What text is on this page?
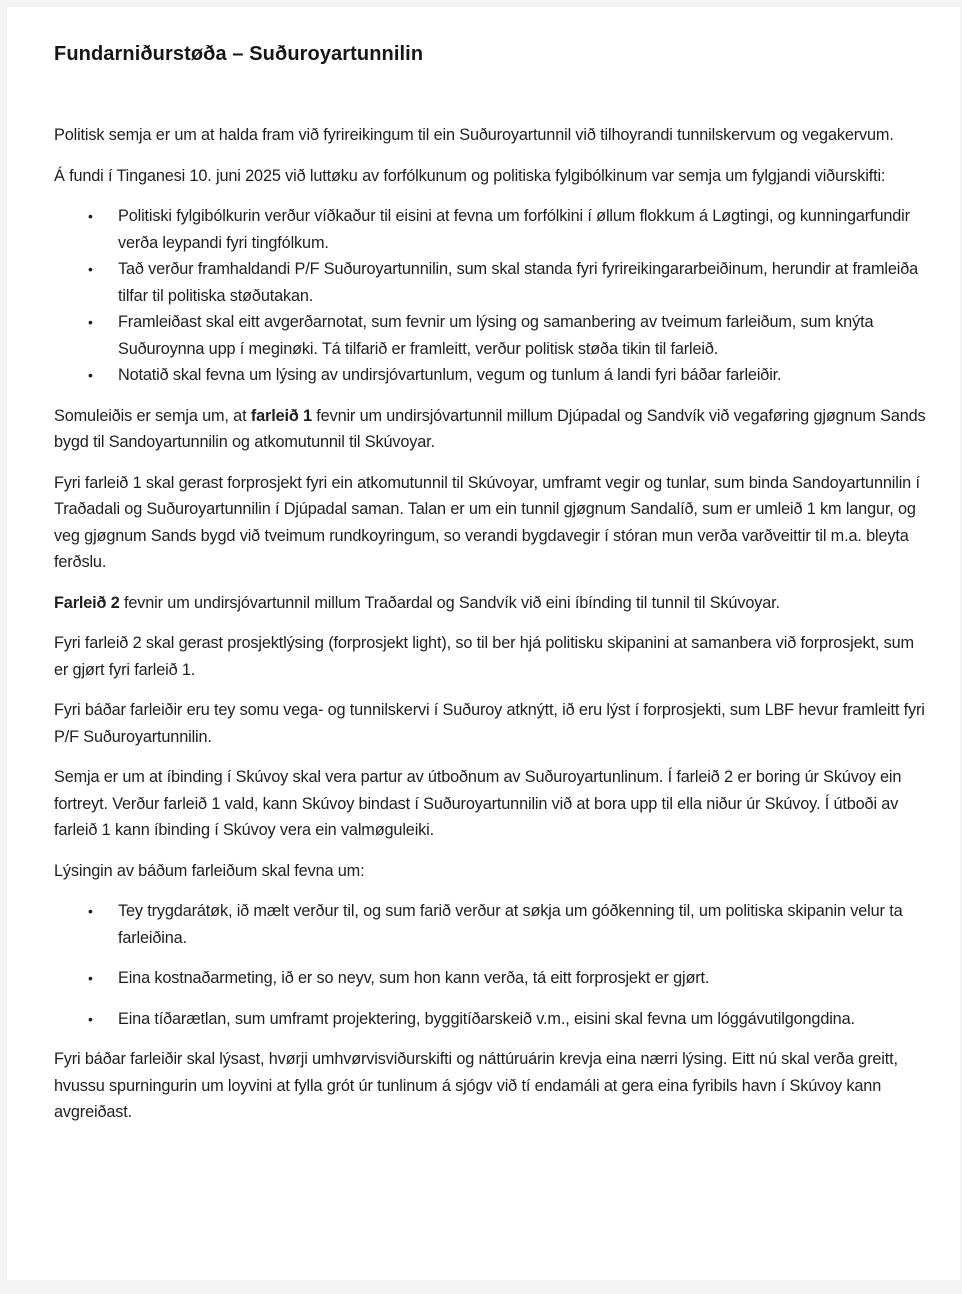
Fundarniðurstøða – Suðuroyartunnilin

Politisk semja er um at halda fram við fyrireikingum til ein Suðuroyartunnil við tilhoyrandi tunnilskervum og vegakervum.

Á fundi í Tinganesi 10. juni 2025 við luttøku av forfólkunum og politiska fylgibólkinum var semja um fylgjandi viðurskifti:

• Politiski fylgibólkurin verður víðkaður til eisini at fevna um forfólkini í øllum flokkum á Løgtingi, og kunningarfundir verða leypandi fyri tingfólkum.
• Tað verður framhaldandi P/F Suðuroyartunnilin, sum skal standa fyri fyrireikingararbeiðinum, herundir at framleiða tilfar til politiska støðutakan.
• Framleiðast skal eitt avgerðarnotat, sum fevnir um lýsing og samanbering av tveimum farleiðum, sum knýta Suðuroynna upp í meginøki. Tá tilfarið er framleitt, verður politisk støða tikin til farleið.
• Notatið skal fevna um lýsing av undirsjóvartunlum, vegum og tunlum á landi fyri báðar farleiðir.

Somuleiðis er semja um, at farleið 1 fevnir um undirsjóvartunnil millum Djúpadal og Sandvík við vegaføring gjøgnum Sands bygd til Sandoyartunnilin og atkomutunnil til Skúvoyar.

Fyri farleið 1 skal gerast forprosjekt fyri ein atkomutunnil til Skúvoyar, umframt vegir og tunlar, sum binda Sandoyartunnilin í Traðadali og Suðuroyartunnilin í Djúpadal saman. Talan er um ein tunnil gjøgnum Sandalíð, sum er umleið 1 km langur, og veg gjøgnum Sands bygd við tveimum rundkoyringum, so verandi bygdavegir í stóran mun verða varðveittir til m.a. bleyta ferðslu.

Farleið 2 fevnir um undirsjóvartunnil millum Traðardal og Sandvík við eini íbínding til tunnil til Skúvoyar.

Fyri farleið 2 skal gerast prosjektlýsing (forprosjekt light), so til ber hjá politisku skipanini at samanbera við forprosjekt, sum er gjørt fyri farleið 1.

Fyri báðar farleiðir eru tey somu vega- og tunnilskervi í Suðuroy atknýtt, ið eru lýst í forprosjekti, sum LBF hevur framleitt fyri P/F Suðuroyartunnilin.

Semja er um at íbinding í Skúvoy skal vera partur av útboðnum av Suðuroyartunlinum. Í farleið 2 er boring úr Skúvoy ein fortreyt. Verður farleið 1 vald, kann Skúvoy bindast í Suðuroyartunnilin við at bora upp til ella niður úr Skúvoy. Í útboði av farleið 1 kann íbinding í Skúvoy vera ein valmøguleiki.

Lýsingin av báðum farleiðum skal fevna um:

• Tey trygdarátøk, ið mælt verður til, og sum farið verður at søkja um góðkenning til, um politiska skipanin velur ta farleiðina.
• Eina kostnaðarmeting, ið er so neyv, sum hon kann verða, tá eitt forprosjekt er gjørt.
• Eina tíðarætlan, sum umframt projektering, byggitíðarskeið v.m., eisini skal fevna um lóggávutilgongdina.

Fyri báðar farleiðir skal lýsast, hvørji umhvørvisviðurskifti og náttúruárin krevja eina nærri lýsing. Eitt nú skal verða greitt, hvussu spurningurin um loyvini at fylla grót úr tunlinum á sjógv við tí endamáli at gera eina fyribils havn í Skúvoy kann avgreiðast.
